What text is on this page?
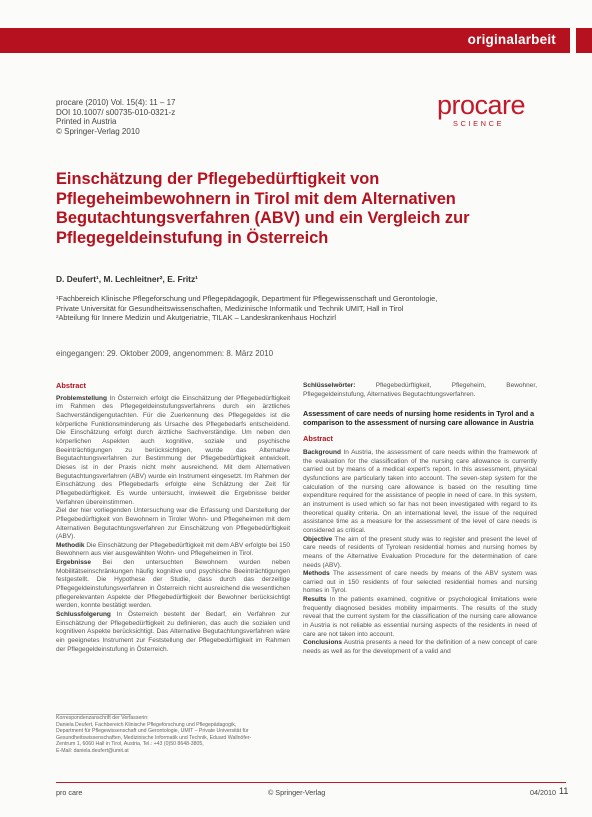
originalarbeit
procare (2010) Vol. 15(4): 11 – 17
DOI 10.1007/ s00735-010-0321-z
Printed in Austria
© Springer-Verlag 2010
procare
SCIENCE
Einschätzung der Pflegebedürftigkeit von
Pflegeheimbewohnern in Tirol mit dem Alternativen
Begutachtungsverfahren (ABV) und ein Vergleich zur
Pflegegeldeinstufung in Österreich
D. Deufert¹, M. Lechleitner², E. Fritz¹
¹Fachbereich Klinische Pflegeforschung und Pflegepädagogik, Department für Pflegewissenschaft und Gerontologie,
Private Universität für Gesundheitswissenschaften, Medizinische Informatik und Technik UMIT, Hall in Tirol
²Abteilung für Innere Medizin und Akutgeriatrie, TILAK – Landeskrankenhaus Hochzirl
eingegangen: 29. Oktober 2009, angenommen: 8. März 2010
Abstract

Problemstellung In Österreich erfolgt die Einschätzung der Pflegebedürftigkeit im Rahmen des Pflegegeldeinstufungsverfahrens durch ein ärztliches Sachverständigengutachten. Für die Zuerkennung des Pflegegeldes ist die körperliche Funktionsminderung als Ursache des Pflegebedarfs entscheidend. Die Einschätzung erfolgt durch ärztliche Sachverständige. Um neben den körperlichen Aspekten auch kognitive, soziale und psychische Beeinträchtigungen zu berücksichtigen, wurde das Alternative Begutachtungsverfahren zur Bestimmung der Pflegebedürftigkeit entwickelt. Dieses ist in der Praxis nicht mehr ausreichend. Mit dem Alternativen Begutachtungsverfahren (ABV) wurde ein Instrument eingesetzt. Im Rahmen der Einschätzung des Pflegebedarfs erfolgte eine Schätzung der Zeit für Pflegebedürftigkeit. Es wurde untersucht, inwieweit die Ergebnisse beider Verfahren übereinstimmen.

Ziel der hier vorliegenden Untersuchung war die Erfassung und Darstellung der Pflegebedürftigkeit von Bewohnern in Tiroler Wohn- und Pflegeheimen mit dem Alternativen Begutachtungsverfahren zur Einschätzung von Pflegebedürftigkeit (ABV).

Methodik Die Einschätzung der Pflegebedürftigkeit mit dem ABV erfolgte bei 150 Bewohnern aus vier ausgewählten Wohn- und Pflegeheimen in Tirol.

Ergebnisse Bei den untersuchten Bewohnern wurden neben Mobilitätseinschränkungen häufig kognitive und psychische Beeinträchtigungen festgestellt. Die Hypothese der Studie, dass durch das derzeitige Pflegegeldeinstufungsverfahren in Österreich nicht ausreichend die wesentlichen pflegerelevanten Aspekte der Pflegebedürftigkeit der Bewohner berücksichtigt werden, konnte bestätigt werden.

Schlussfolgerung In Österreich besteht der Bedarf, ein Verfahren zur Einschätzung der Pflegebedürftigkeit zu definieren, das auch die sozialen und kognitiven Aspekte berücksichtigt. Das Alternative Begutachtungsverfahren wäre ein geeignetes Instrument zur Feststellung der Pflegebedürftigkeit im Rahmen der Pflegegeldeinstufung in Österreich.

Korrespondenzanschrift der Verfasserin:
Daniela Deufert, Fachbereich Klinische Pflegeforschung und Pflegepädagogik,
Department für Pflegewissenschaft und Gerontologie, UMIT – Private Universität für
Gesundheitswissenschaften, Medizinische Informatik und Technik, Eduard Wallnöfer-
Zentrum 1, 6060 Hall in Tirol, Austria, Tel.: +43 (0)50 8648-3805,
E-Mail: daniela.deufert@umit.at

Schlüsselwörter: Pflegebedürftigkeit, Pflegeheim, Bewohner, Pflegegeldeinstufung, Alternatives Begutachtungsverfahren.

Assessment of care needs of nursing home residents in Tyrol and a comparison to the assessment of nursing care allowance in Austria
Abstract

Background In Austria, the assessment of care needs within the framework of the evaluation for the classification of the nursing care allowance is currently carried out by means of a medical expert's report. In this assessment, physical dysfunctions are particularly taken into account. The seven-step system for the calculation of the nursing care allowance is based on the resulting time expenditure required for the assistance of people in need of care. In this system, an instrument is used which so far has not been investigated with regard to its theoretical quality criteria. On an international level, the issue of the required assistance time as a measure for the assessment of the level of care needs is considered as critical.

Objective The aim of the present study was to register and present the level of care needs of residents of Tyrolean residential homes and nursing homes by means of the Alternative Evaluation Procedure for the determination of care needs (ABV).

Methods The assessment of care needs by means of the ABV system was carried out in 150 residents of four selected residential homes and nursing homes in Tyrol.

Results In the patients examined, cognitive or psychological limitations were frequently diagnosed besides mobility impairments. The results of the study reveal that the current system for the classification of the nursing care allowance in Austria is not reliable as essential nursing aspects of the residents in need of care are not taken into account.

Conclusions Austria presents a need for the definition of a new concept of care needs as well as for the development of a valid and

pro care	© Springer-Verlag	04/2010 11
